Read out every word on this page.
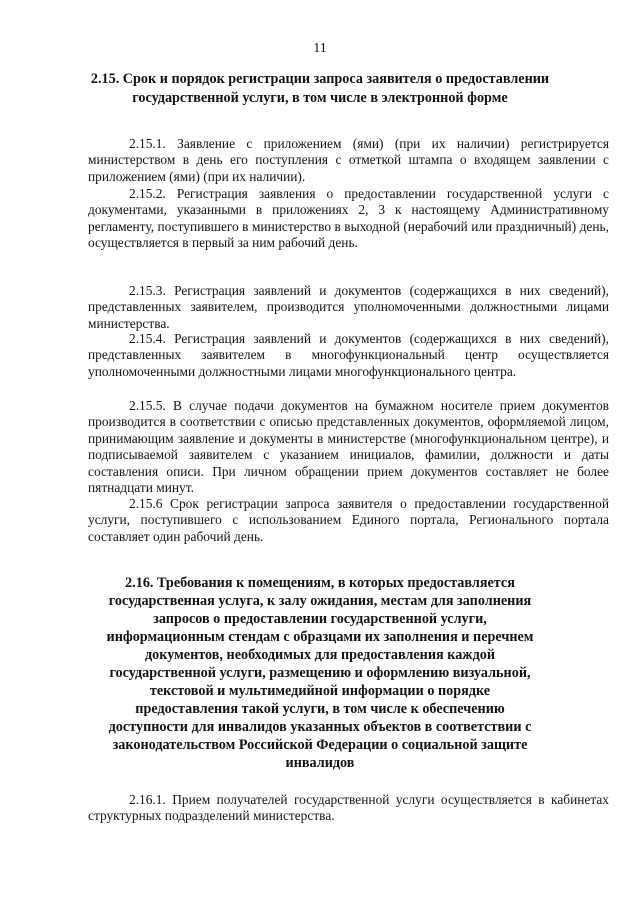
11

2.15. Срок и порядок регистрации запроса заявителя о предоставлении государственной услуги, в том числе в электронной форме

2.15.1. Заявление с приложением (ями) (при их наличии) регистрируется министерством в день его поступления с отметкой штампа о входящем заявлении с приложением (ями) (при их наличии).

2.15.2. Регистрация заявления о предоставлении государственной услуги с документами, указанными в приложениях 2, 3 к настоящему Административному регламенту, поступившего в министерство в выходной (нерабочий или праздничный) день, осуществляется в первый за ним рабочий день.

2.15.3. Регистрация заявлений и документов (содержащихся в них сведений), представленных заявителем, производится уполномоченными должностными лицами министерства.

2.15.4. Регистрация заявлений и документов (содержащихся в них сведений), представленных заявителем в многофункциональный центр осуществляется уполномоченными должностными лицами многофункционального центра.

2.15.5. В случае подачи документов на бумажном носителе прием документов производится в соответствии с описью представленных документов, оформляемой лицом, принимающим заявление и документы в министерстве (многофункциональном центре), и подписываемой заявителем с указанием инициалов, фамилии, должности и даты составления описи. При личном обращении прием документов составляет не более пятнадцати минут.

2.15.6 Срок регистрации запроса заявителя о предоставлении государственной услуги, поступившего с использованием Единого портала, Регионального портала составляет один рабочий день.

2.16. Требования к помещениям, в которых предоставляется государственная услуга, к залу ожидания, местам для заполнения запросов о предоставлении государственной услуги, информационным стендам с образцами их заполнения и перечнем документов, необходимых для предоставления каждой государственной услуги, размещению и оформлению визуальной, текстовой и мультимедийной информации о порядке предоставления такой услуги, в том числе к обеспечению доступности для инвалидов указанных объектов в соответствии с законодательством Российской Федерации о социальной защите инвалидов

2.16.1. Прием получателей государственной услуги осуществляется в кабинетах структурных подразделений министерства.
